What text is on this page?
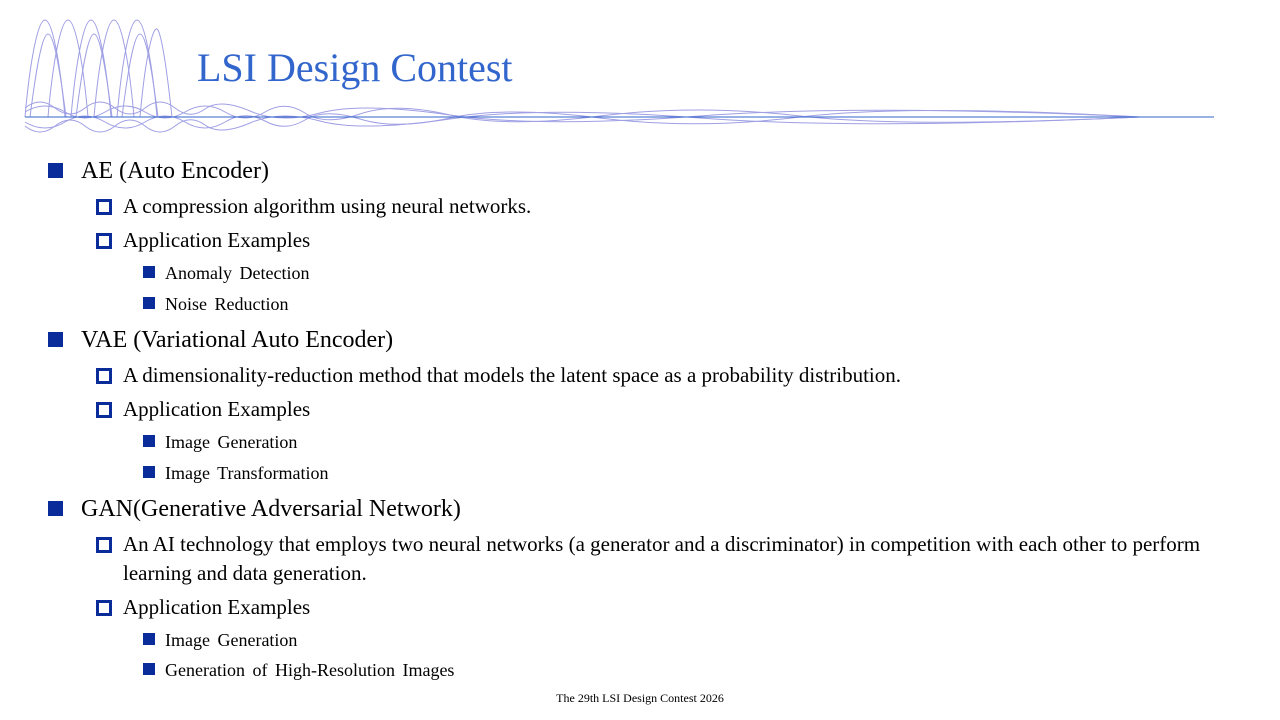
LSI Design Contest
AE (Auto Encoder)
A compression algorithm using neural networks.
Application Examples
Anomaly Detection
Noise Reduction
VAE (Variational Auto Encoder)
A dimensionality-reduction method that models the latent space as a probability distribution.
Application Examples
Image Generation
Image Transformation
GAN(Generative Adversarial Network)
An AI technology that employs two neural networks (a generator and a discriminator) in competition with each other to perform learning and data generation.
Application Examples
Image Generation
Generation of High-Resolution Images
The 29th LSI Design Contest 2026
